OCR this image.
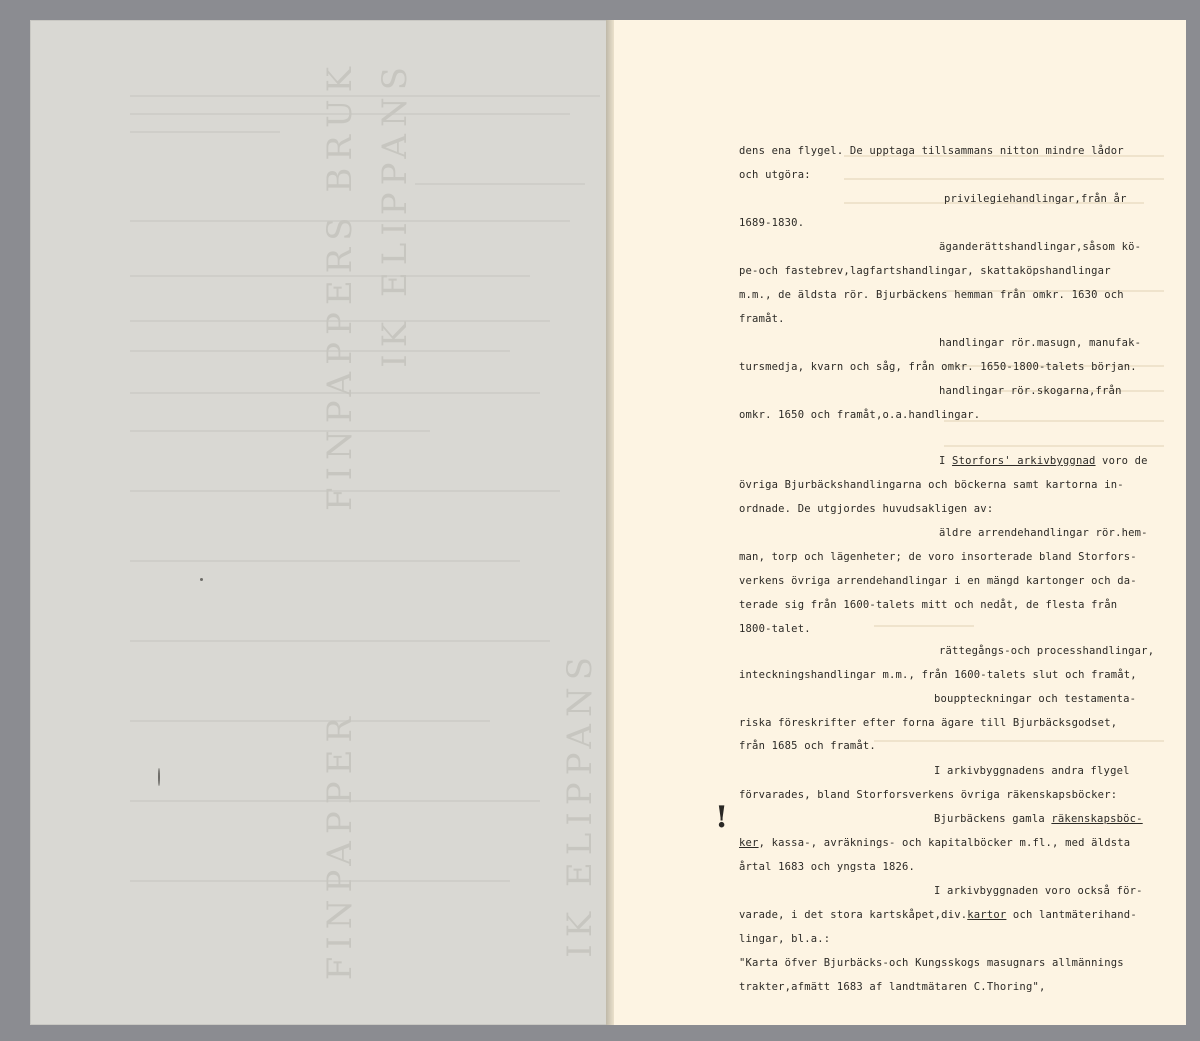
IK ELIPPANS
IK ELIPPANS
FINPAPPERS BRUK
FINPAPPER
dens ena flygel. De upptaga tillsammans nitton mindre lådor
och utgöra:
privilegiehandlingar,från år
1689-1830.
äganderättshandlingar,såsom kö-
pe-och fastebrev,lagfartshandlingar, skattaköpshandlingar
m.m., de äldsta rör. Bjurbäckens hemman från omkr. 1630 och
framåt.
handlingar rör.masugn, manufak-
tursmedja, kvarn och såg, från omkr. 1650-1800-talets början.
handlingar rör.skogarna,från
omkr. 1650 och framåt,o.a.handlingar.
I Storfors' arkivbyggnad voro de
övriga Bjurbäckshandlingarna och böckerna samt kartorna in-
ordnade. De utgjordes huvudsakligen av:
äldre arrendehandlingar rör.hem-
man, torp och lägenheter; de voro insorterade bland Storfors-
verkens övriga arrendehandlingar i en mängd kartonger och da-
terade sig från 1600-talets mitt och nedåt, de flesta från
1800-talet.
rättegångs-och processhandlingar,
inteckningshandlingar m.m., från 1600-talets slut och framåt,
bouppteckningar och testamenta-
riska föreskrifter efter forna ägare till Bjurbäcksgodset,
från 1685 och framåt.
I arkivbyggnadens andra flygel
förvarades, bland Storforsverkens övriga räkenskapsböcker:
Bjurbäckens gamla räkenskapsböc-
ker, kassa-, avräknings- och kapitalböcker m.fl., med äldsta
årtal 1683 och yngsta 1826.
I arkivbyggnaden voro också för-
varade, i det stora kartskåpet,div.kartor och lantmäterihand-
lingar, bl.a.:
"Karta öfver Bjurbäcks-och Kungsskogs masugnars allmännings
trakter,afmätt 1683 af landtmätaren C.Thoring",
!
